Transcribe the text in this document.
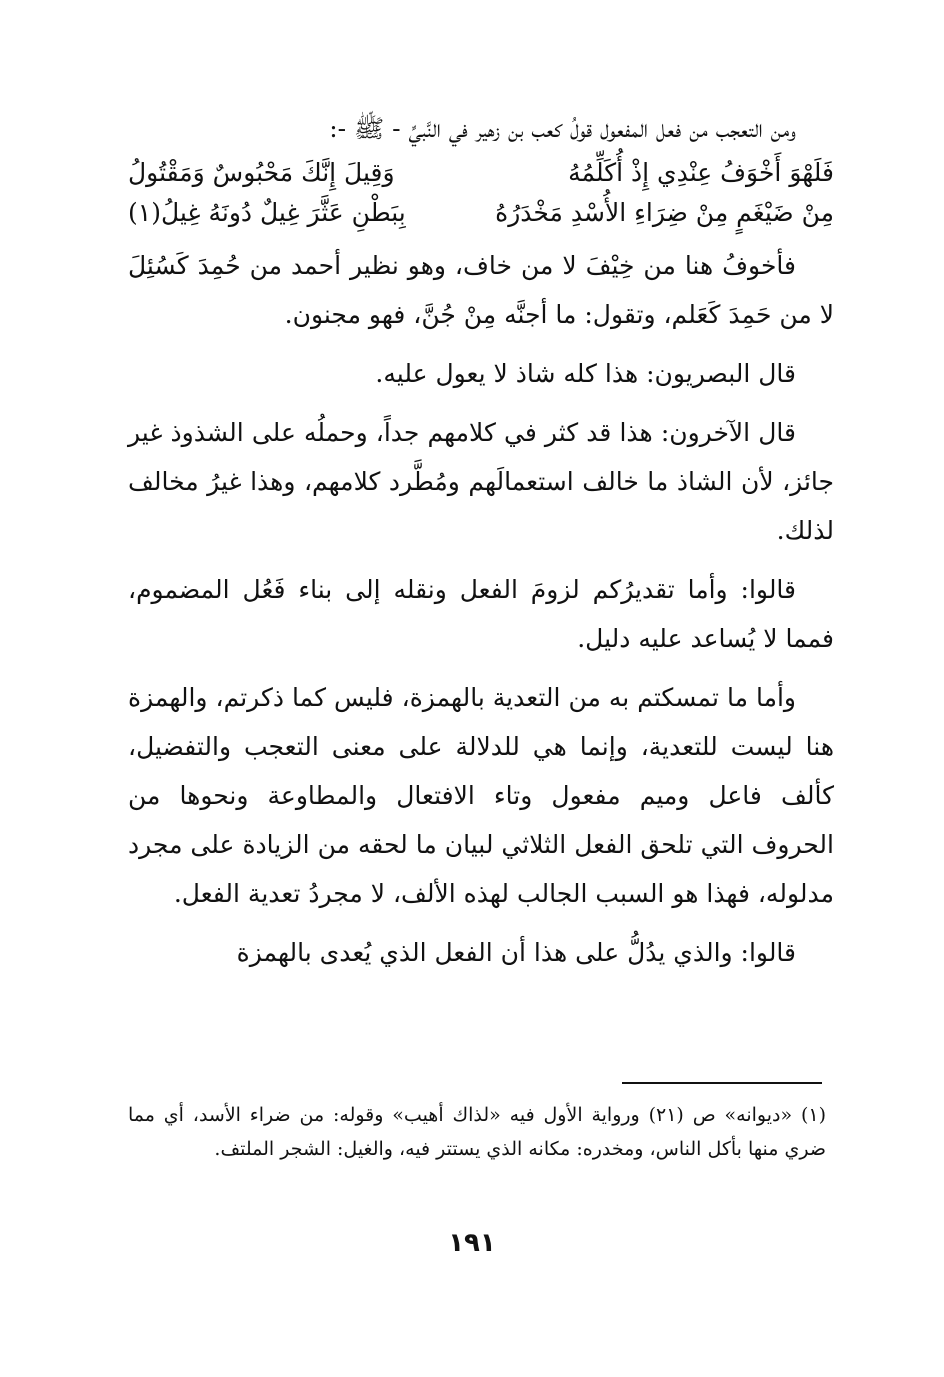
ومن التعجب من فعل المفعول قولُ كعب بن زهير في النَّبيِّ - ﷺ -:

فَلَهْوَ أَخْوَفُ عِنْدِي إِذْ أُكَلِّمُهُ
وَقِيلَ إِنَّكَ مَحْبُوسٌ وَمَقْتُولُ
مِنْ ضَيْغَمٍ مِنْ ضِرَاءِ الأُسْدِ مَخْدَرُهُ
بِبَطْنِ عَثَّرَ غِيلٌ دُونَهُ غِيلُ(١)

فأخوفُ هنا من خِيْفَ لا من خاف، وهو نظير أحمد من حُمِدَ كَسُئِلَ لا من حَمِدَ كَعَلم، وتقول: ما أجنَّه مِنْ جُنَّ، فهو مجنون.

قال البصريون: هذا كله شاذ لا يعول عليه.

قال الآخرون: هذا قد كثر في كلامهم جداً، وحملُه على الشذوذ غير جائز، لأن الشاذ ما خالف استعمالَهم ومُطَّرد كلامهم، وهذا غيرُ مخالف لذلك.

قالوا: وأما تقديرُكم لزومَ الفعل ونقله إلى بناء فَعُل المضموم، فمما لا يُساعد عليه دليل.

وأما ما تمسكتم به من التعدية بالهمزة، فليس كما ذكرتم، والهمزة هنا ليست للتعدية، وإنما هي للدلالة على معنى التعجب والتفضيل، كألف فاعل وميم مفعول وتاء الافتعال والمطاوعة ونحوها من الحروف التي تلحق الفعل الثلاثي لبيان ما لحقه من الزيادة على مجرد مدلوله، فهذا هو السبب الجالب لهذه الألف، لا مجردُ تعدية الفعل.

قالوا: والذي يدُلُّ على هذا أن الفعل الذي يُعدى بالهمزة

(١) «ديوانه» ص (٢١) ورواية الأول فيه «لذاك أهيب» وقوله: من ضراء الأسد، أي مما ضري منها بأكل الناس، ومخدره: مكانه الذي يستتر فيه، والغيل: الشجر الملتف.

١٩١
